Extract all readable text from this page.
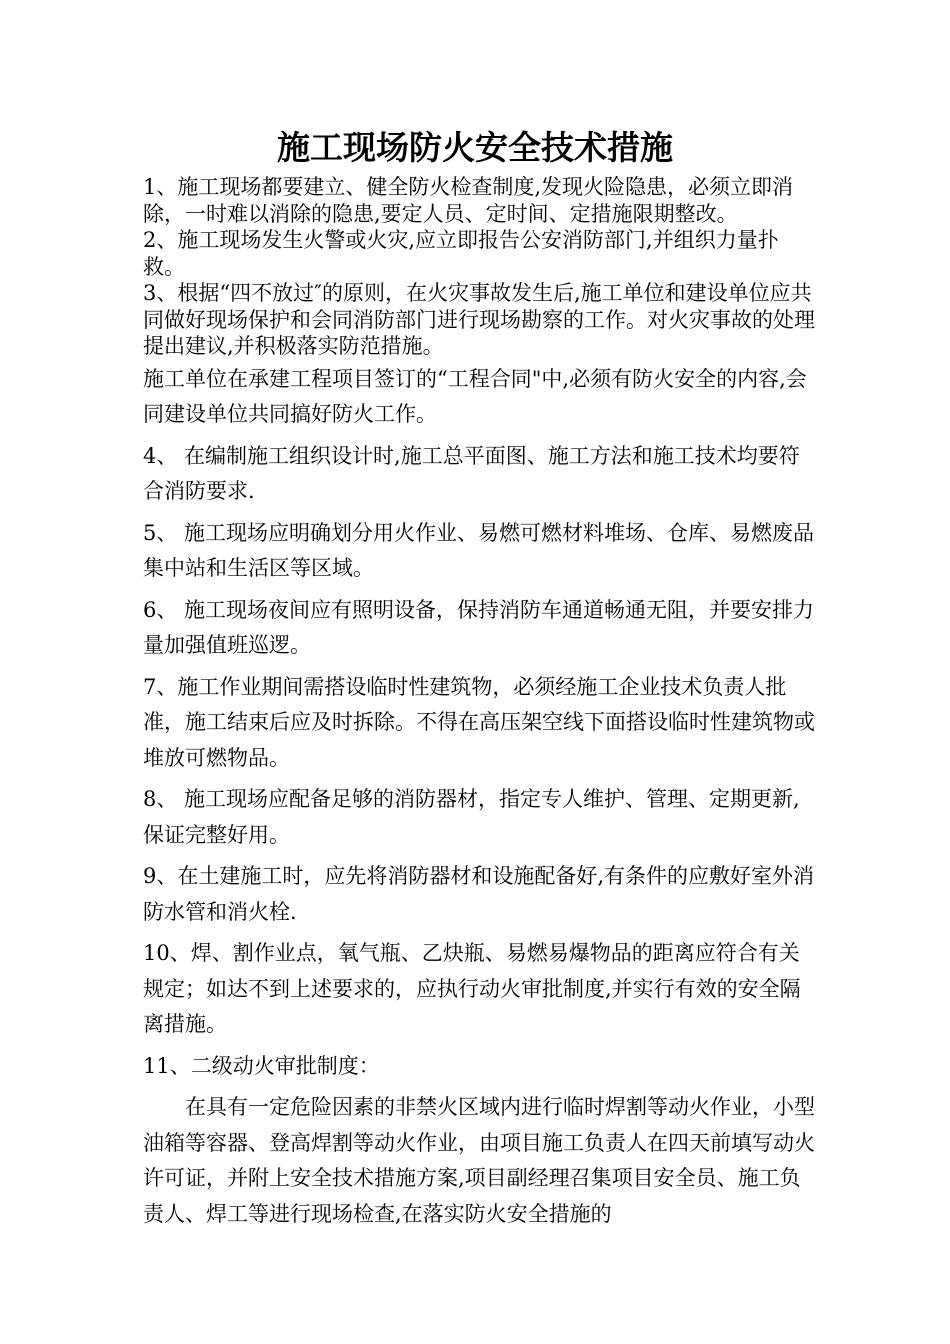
施工现场防火安全技术措施

1、施工现场都要建立、健全防火检查制度,发现火险隐患，必须立即消除，一时难以消除的隐患,要定人员、定时间、定措施限期整改。

2、施工现场发生火警或火灾,应立即报告公安消防部门,并组织力量扑救。

3、根据“四不放过″的原则，在火灾事故发生后,施工单位和建设单位应共同做好现场保护和会同消防部门进行现场勘察的工作。对火灾事故的处理提出建议,并积极落实防范措施。

施工单位在承建工程项目签订的“工程合同"中,必须有防火安全的内容,会同建设单位共同搞好防火工作。

4、 在编制施工组织设计时,施工总平面图、施工方法和施工技术均要符合消防要求.

5、 施工现场应明确划分用火作业、易燃可燃材料堆场、仓库、易燃废品集中站和生活区等区域。

6、 施工现场夜间应有照明设备，保持消防车通道畅通无阻，并要安排力量加强值班巡逻。

7、施工作业期间需搭设临时性建筑物，必须经施工企业技术负责人批准，施工结束后应及时拆除。不得在高压架空线下面搭设临时性建筑物或堆放可燃物品。

8、 施工现场应配备足够的消防器材，指定专人维护、管理、定期更新,保证完整好用。

9、在土建施工时，应先将消防器材和设施配备好,有条件的应敷好室外消防水管和消火栓.

10、焊、割作业点，氧气瓶、乙炔瓶、易燃易爆物品的距离应符合有关规定；如达不到上述要求的，应执行动火审批制度,并实行有效的安全隔离措施。

11、二级动火审批制度：

在具有一定危险因素的非禁火区域内进行临时焊割等动火作业，小型油箱等容器、登高焊割等动火作业，由项目施工负责人在四天前填写动火许可证，并附上安全技术措施方案,项目副经理召集项目安全员、施工负责人、焊工等进行现场检查,在落实防火安全措施的
